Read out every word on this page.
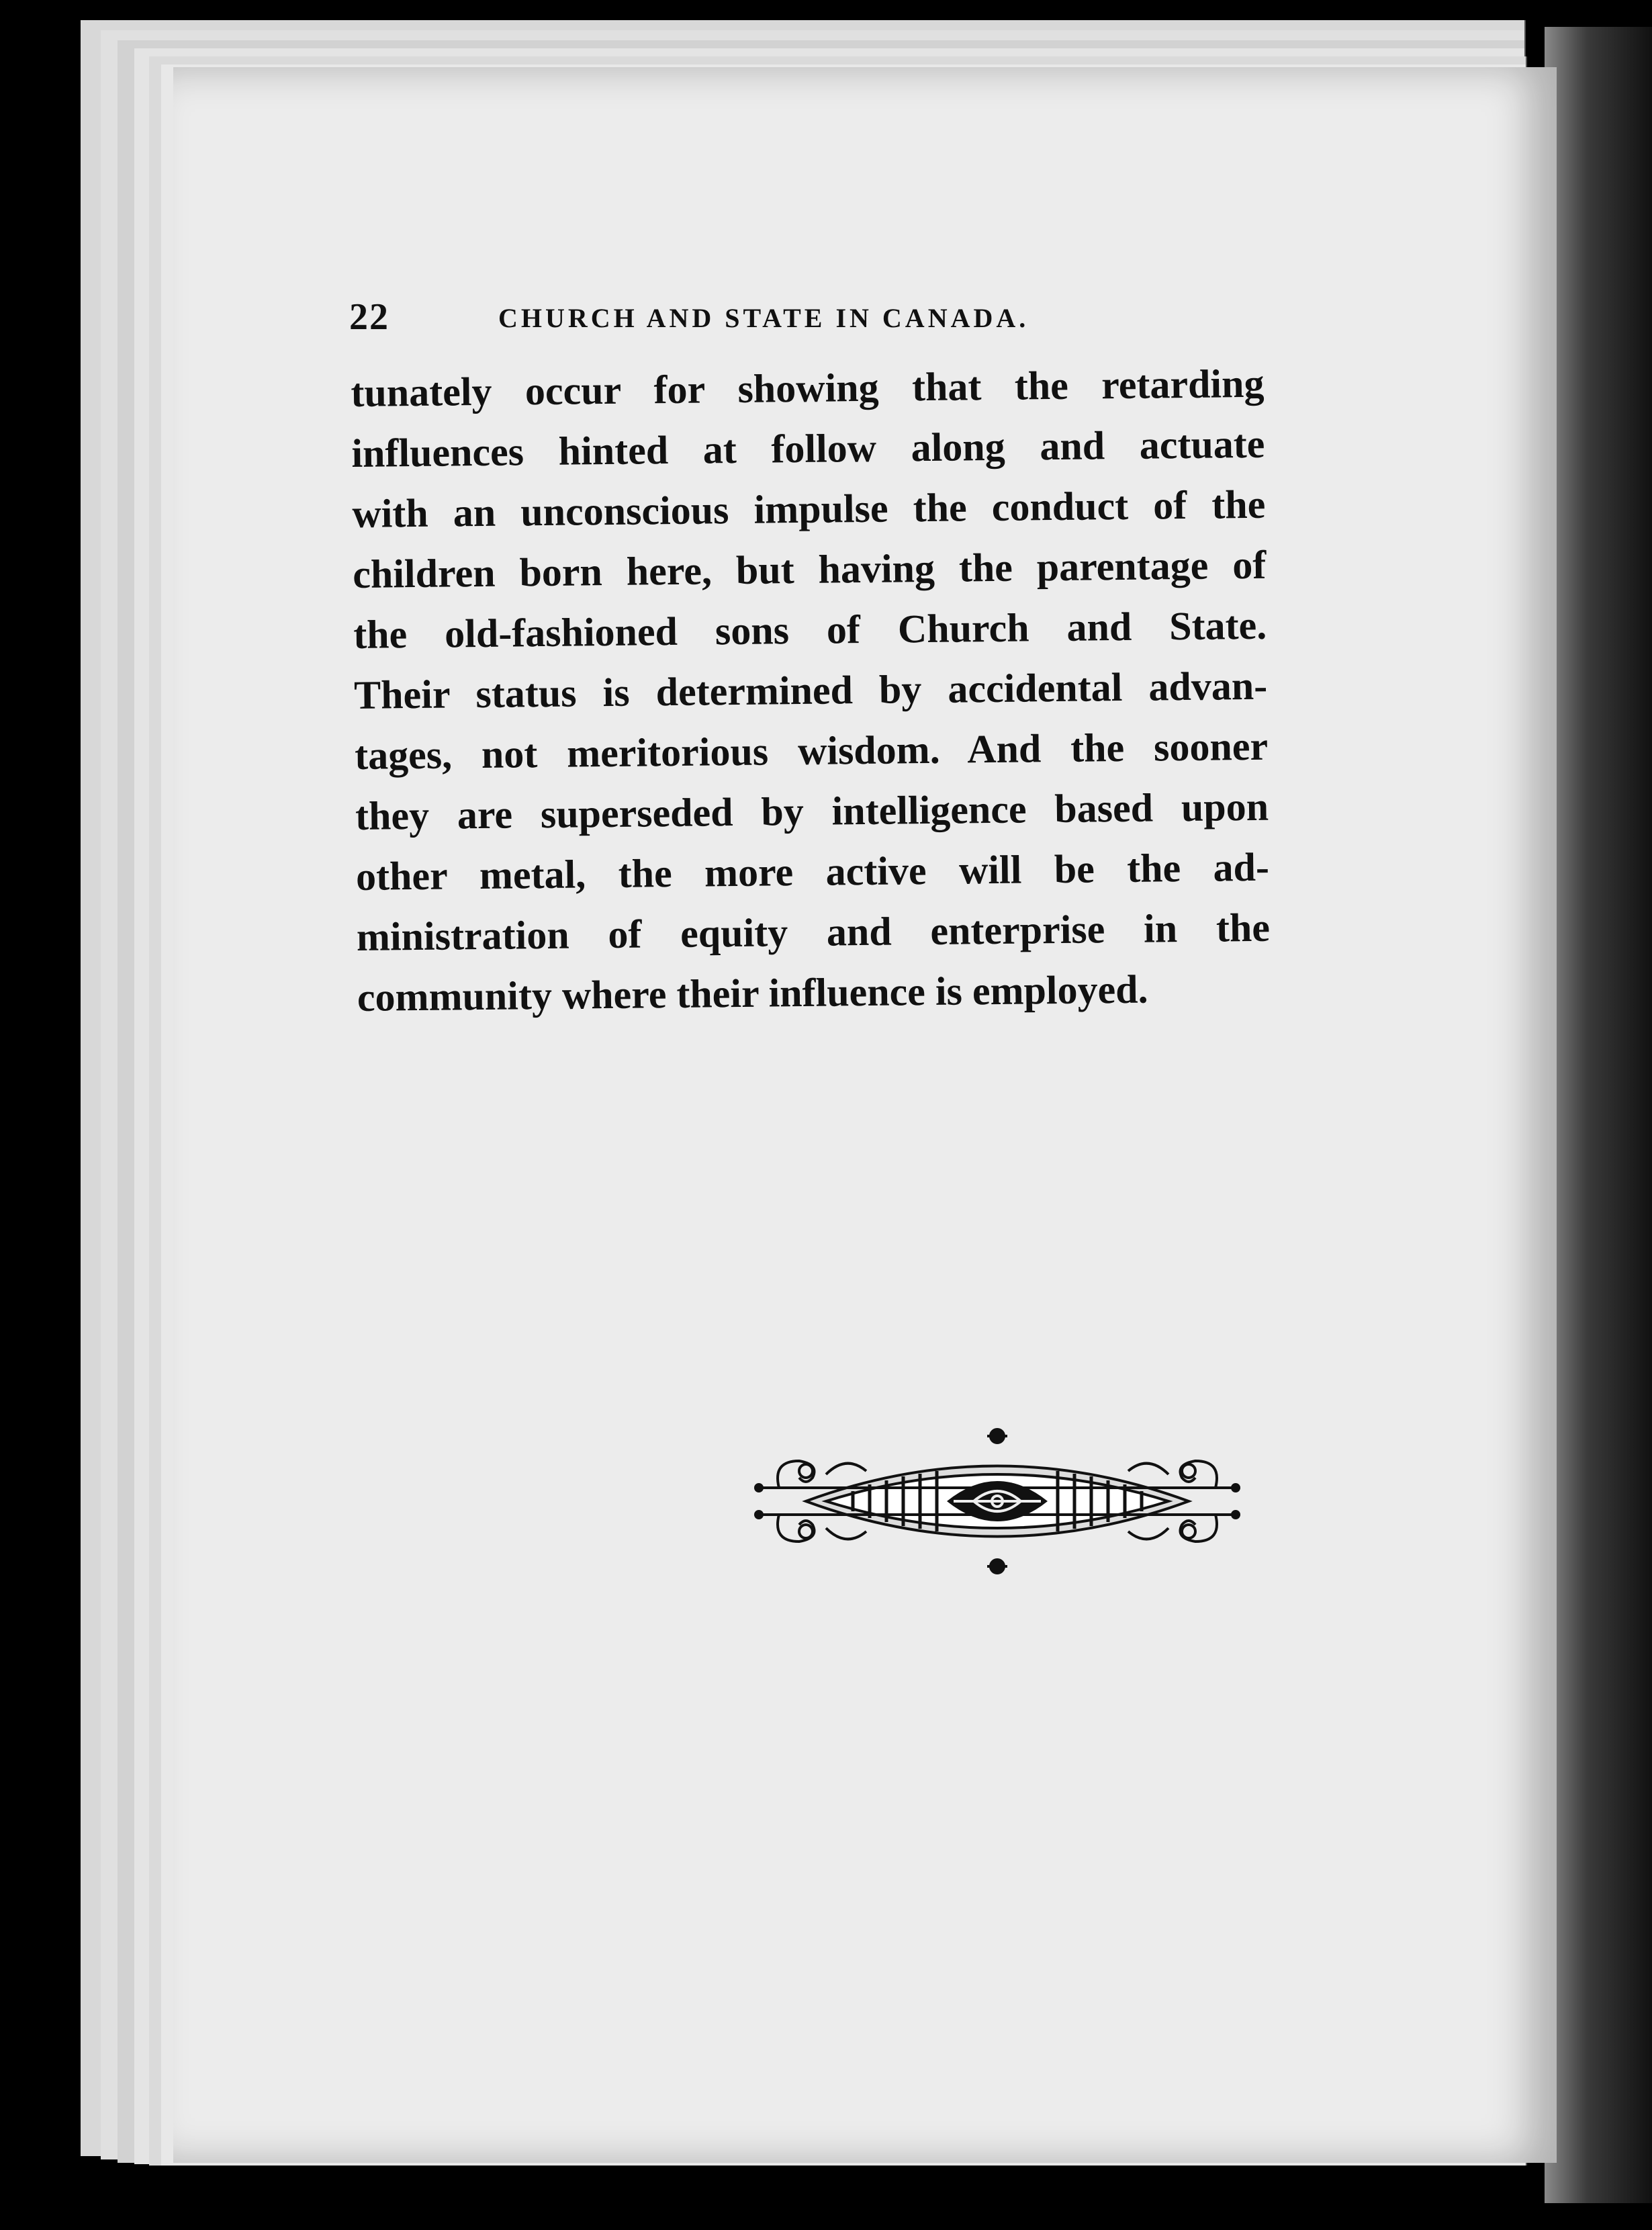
22	CHURCH AND STATE IN CANADA.
tunately occur for showing that the retarding
influences hinted at follow along and actuate
with an unconscious impulse the conduct of the
children born here, but having the parentage of
the old-fashioned sons of Church and State.
Their status is determined by accidental advan-
tages, not meritorious wisdom. And the sooner
they are superseded by intelligence based upon
other metal, the more active will be the ad-
ministration of equity and enterprise in the
community where their influence is employed.
